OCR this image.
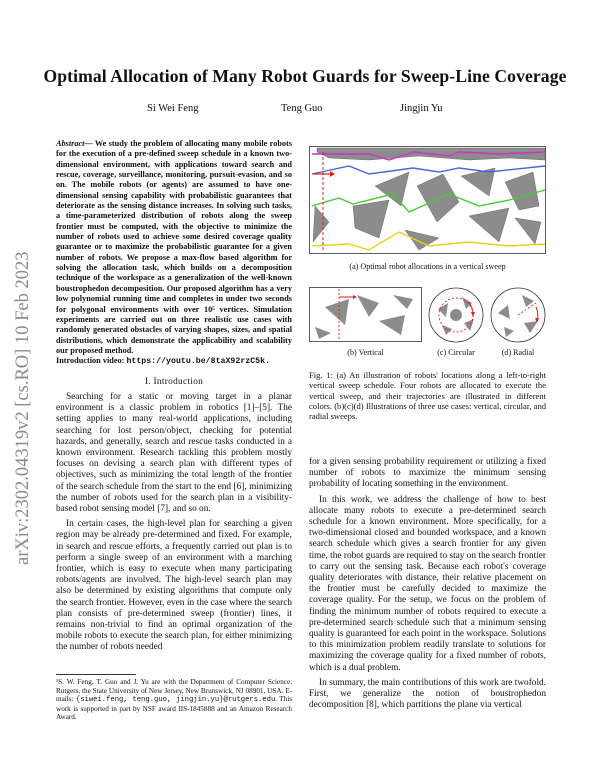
arXiv:2302.04319v2 [cs.RO] 10 Feb 2023
Optimal Allocation of Many Robot Guards for Sweep-Line Coverage
Si Wei Feng	Teng Guo	Jingjin Yu
Abstract— We study the problem of allocating many mobile robots for the execution of a pre-defined sweep schedule in a known two-dimensional environment, with applications toward search and rescue, coverage, surveillance, monitoring, pursuit-evasion, and so on. The mobile robots (or agents) are assumed to have one-dimensional sensing capability with probabilistic guarantees that deteriorate as the sensing distance increases. In solving such tasks, a time-parameterized distribution of robots along the sweep frontier must be computed, with the objective to minimize the number of robots used to achieve some desired coverage quality guarantee or to maximize the probabilistic guarantee for a given number of robots. We propose a max-flow based algorithm for solving the allocation task, which builds on a decomposition technique of the workspace as a generalization of the well-known boustrophedon decomposition. Our proposed algorithm has a very low polynomial running time and completes in under two seconds for polygonal environments with over 10⁵ vertices. Simulation experiments are carried out on three realistic use cases with randomly generated obstacles of varying shapes, sizes, and spatial distributions, which demonstrate the applicability and scalability our proposed method.
Introduction video: https://youtu.be/8taX92rzC5k.
I. Introduction

Searching for a static or moving target in a planar environment is a classic problem in robotics [1]–[5]. The setting applies to many real-world applications, including searching for lost person/object, checking for potential hazards, and generally, search and rescue tasks conducted in a known environment. Research tackling this problem mostly focuses on devising a search plan with different types of objectives, such as minimizing the total length of the frontier of the search schedule from the start to the end [6], minimizing the number of robots used for the search plan in a visibility-based robot sensing model [7], and so on.

In certain cases, the high-level plan for searching a given region may be already pre-determined and fixed. For example, in search and rescue efforts, a frequently carried out plan is to perform a single sweep of an environment with a marching frontier, which is easy to execute when many participating robots/agents are involved. The high-level search plan may also be determined by existing algorithms that compute only the search frontier. However, even in the case where the search plan consists of pre-determined sweep (frontier) lines, it remains non-trivial to find an optimal organization of the mobile robots to execute the search plan, for either minimizing the number of robots needed

¹S. W. Feng, T. Guo and J. Yu are with the Department of Computer Science, Rutgers, the State University of New Jersey, New Brunswick, NJ 08901, USA. E-mails: {siwei.feng, teng.guo, jingjin.yu}@rutgers.edu. This work is supported in part by NSF award IIS-1845888 and an Amazon Research Award.
(a) Optimal robot allocations in a vertical sweep
(b) Vertical	(c) Circular	(d) Radial
Fig. 1: (a) An illustration of robots' locations along a left-to-right vertical sweep schedule. Four robots are allocated to execute the vertical sweep, and their trajectories are illustrated in different colors. (b)(c)(d) Illustrations of three use cases: vertical, circular, and radial sweeps.

for a given sensing probability requirement or utilizing a fixed number of robots to maximize the minimum sensing probability of locating something in the environment.

In this work, we address the challenge of how to best allocate many robots to execute a pre-determined search schedule for a known environment. More specifically, for a two-dimensional closed and bounded workspace, and a known search schedule which gives a search frontier for any given time, the robot guards are required to stay on the search frontier to carry out the sensing task. Because each robot's coverage quality deteriorates with distance, their relative placement on the frontier must be carefully decided to maximize the coverage quality. For the setup, we focus on the problem of finding the minimum number of robots required to execute a pre-determined search schedule such that a minimum sensing quality is guaranteed for each point in the workspace. Solutions to this minimization problem readily translate to solutions for maximizing the coverage quality for a fixed number of robots, which is a dual problem.

In summary, the main contributions of this work are twofold. First, we generalize the notion of boustrophedon decomposition [8], which partitions the plane via vertical
